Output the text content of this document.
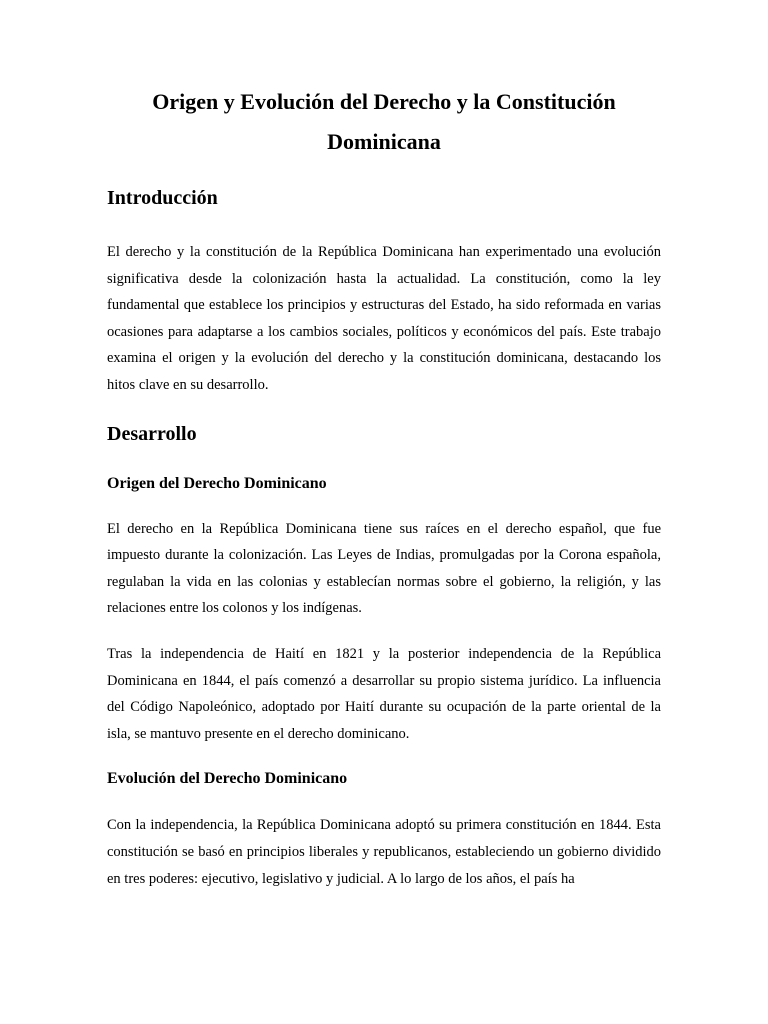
Origen y Evolución del Derecho y la Constitución Dominicana
Introducción

El derecho y la constitución de la República Dominicana han experimentado una evolución significativa desde la colonización hasta la actualidad. La constitución, como la ley fundamental que establece los principios y estructuras del Estado, ha sido reformada en varias ocasiones para adaptarse a los cambios sociales, políticos y económicos del país. Este trabajo examina el origen y la evolución del derecho y la constitución dominicana, destacando los hitos clave en su desarrollo.

Desarrollo
Origen del Derecho Dominicano

El derecho en la República Dominicana tiene sus raíces en el derecho español, que fue impuesto durante la colonización. Las Leyes de Indias, promulgadas por la Corona española, regulaban la vida en las colonias y establecían normas sobre el gobierno, la religión, y las relaciones entre los colonos y los indígenas.

Tras la independencia de Haití en 1821 y la posterior independencia de la República Dominicana en 1844, el país comenzó a desarrollar su propio sistema jurídico. La influencia del Código Napoleónico, adoptado por Haití durante su ocupación de la parte oriental de la isla, se mantuvo presente en el derecho dominicano.

Evolución del Derecho Dominicano

Con la independencia, la República Dominicana adoptó su primera constitución en 1844. Esta constitución se basó en principios liberales y republicanos, estableciendo un gobierno dividido en tres poderes: ejecutivo, legislativo y judicial. A lo largo de los años, el país ha
